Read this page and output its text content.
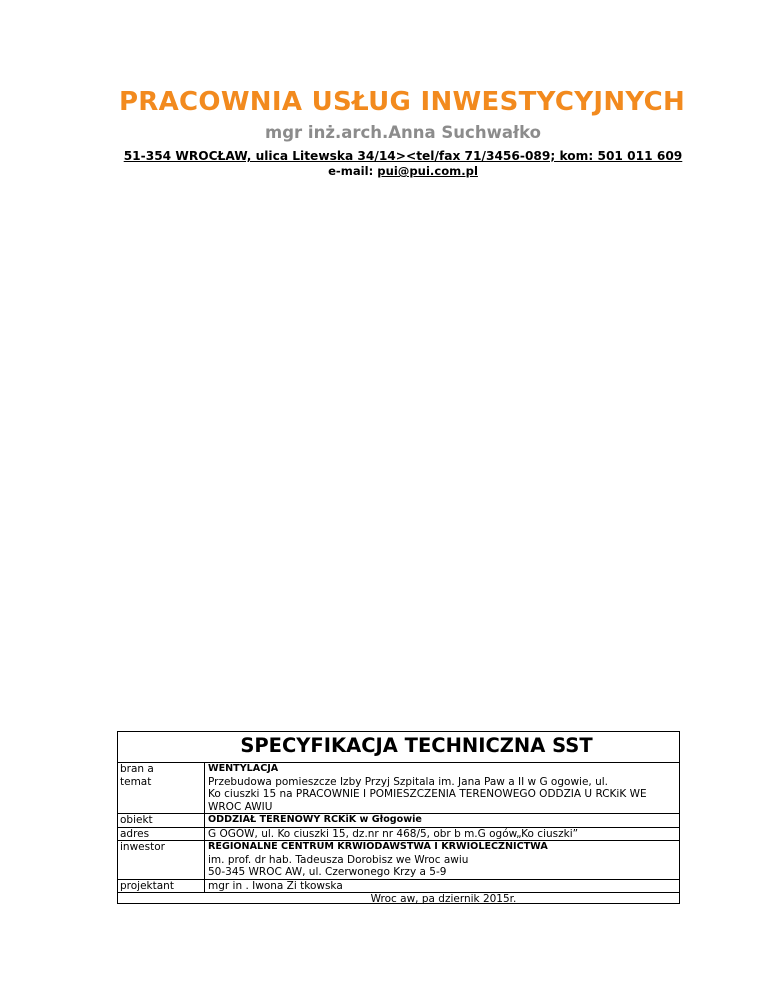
PRACOWNIA USŁUG INWESTYCYJNYCH
mgr inż.arch.Anna Suchwałko
51-354 WROCŁAW, ulica Litewska 34/14><tel/fax 71/3456-089; kom: 501 011 609
e-mail: pui@pui.com.pl
SPECYFIKACJA TECHNICZNA SST
bran a	WENTYLACJA
temat	Przebudowa pomieszcze Izby Przyj Szpitala im. Jana Paw a II w G ogowie, ul.
Ko ciuszki 15 na PRACOWNIE I POMIESZCZENIA TERENOWEGO ODDZIA U RCKiK WE
WROC AWIU

obiekt	ODDZIAŁ TERENOWY RCKiK w Głogowie
adres	G OGÓW, ul. Ko ciuszki 15, dz.nr nr 468/5, obr b m.G ogów„Ko ciuszki”
inwestor	REGIONALNE CENTRUM KRWIODAWSTWA I KRWIOLECZNICTWA
im. prof. dr hab. Tadeusza Dorobisz we Wroc awiu
50-345 WROC AW, ul. Czerwonego Krzy a 5-9

projektant	mgr in . Iwona Zi tkowska
Wroc aw, pa dziernik 2015r.	
